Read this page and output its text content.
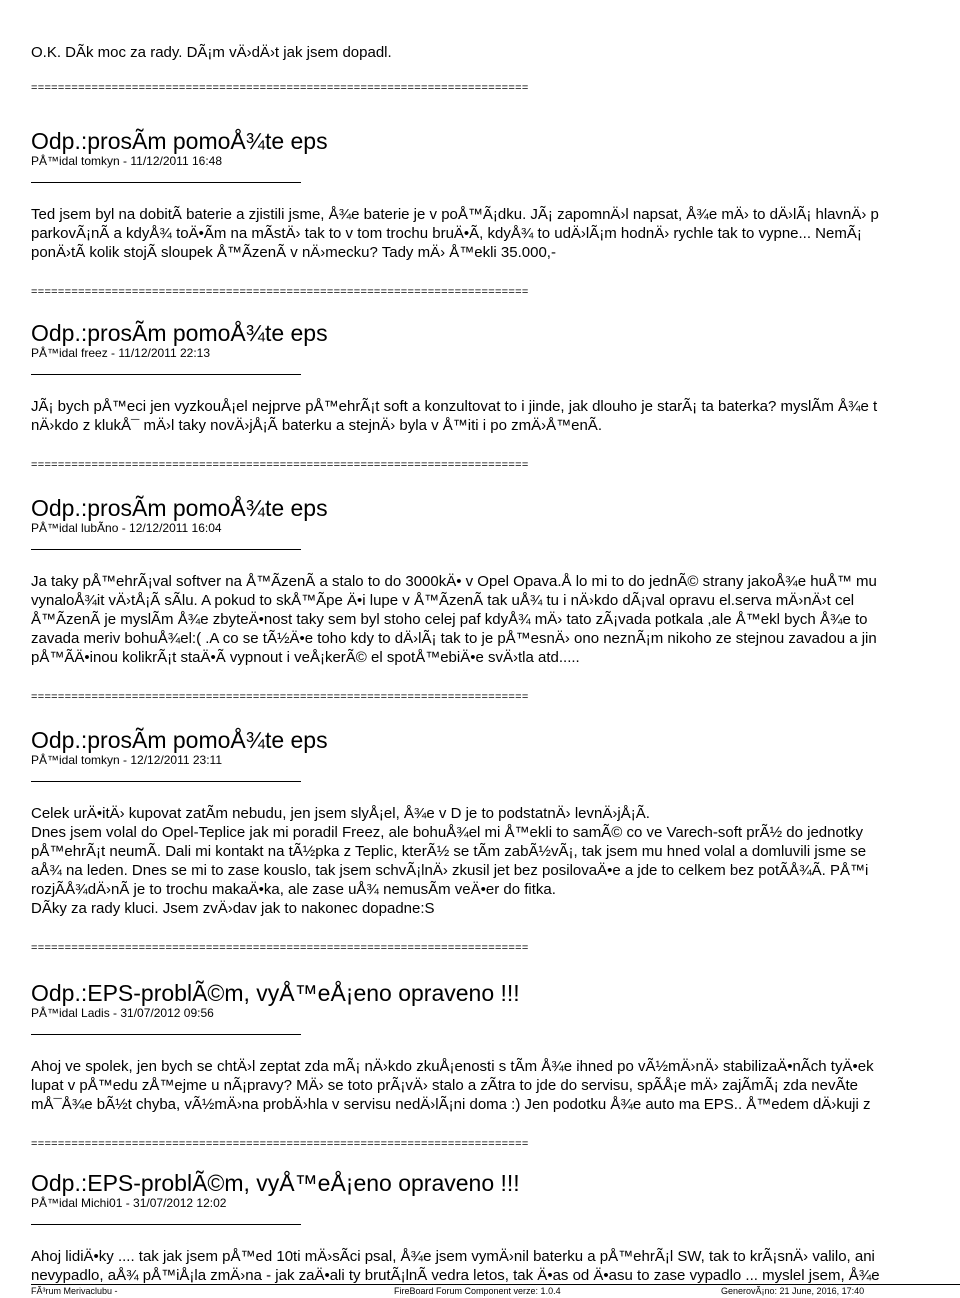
O.K. DÃk moc za rady. DÃ¡m vÄ›dÄ›t jak jsem dopadl.
==========================================================================
Odp.:prosÃm pomoÅ¾te eps
PÅ™idal tomkyn - 11/12/2011 16:48
Ted jsem byl na dobitÃ baterie a zjistili jsme, Å¾e baterie je v poÅ™Ã¡dku. JÃ¡ zapomnÄ›l napsat, Å¾e mÄ› to dÄ›lÃ¡ hlavnÄ› p
parkovÃ¡nÃ a kdyÅ¾ toÄ•Ãm na mÃstÄ› tak to v tom trochu bruÄ•Ã, kdyÅ¾ to udÄ›lÃ¡m hodnÄ› rychle tak to vypne... NemÃ¡
ponÄ›tÃ kolik stojÃ sloupek Å™ÃzenÃ v nÄ›mecku? Tady mÄ› Å™ekli 35.000,-
==========================================================================
Odp.:prosÃm pomoÅ¾te eps
PÅ™idal freez - 11/12/2011 22:13
JÃ¡ bych pÅ™eci jen vyzkouÅ¡el nejprve pÅ™ehrÃ¡t soft a konzultovat to i jinde, jak dlouho je starÃ¡ ta baterka? myslÃm Å¾e t
nÄ›kdo z klukÅ¯ mÄ›l taky novÄ›jÅ¡Ã baterku a stejnÄ› byla v Å™iti i po zmÄ›Å™enÃ.
==========================================================================
Odp.:prosÃm pomoÅ¾te eps
PÅ™idal lubÃno - 12/12/2011 16:04
Ja taky pÅ™ehrÃ¡val softver na Å™ÃzenÃ a stalo to do 3000kÄ• v Opel Opava.Å lo mi to do jednÃ© strany jakoÅ¾e huÅ™ mu
vynaloÅ¾it vÄ›tÅ¡Ã sÃlu. A pokud to skÅ™Ãpe Ä•i lupe v Å™ÃzenÃ tak uÅ¾ tu i nÄ›kdo dÃ¡val opravu el.serva mÄ›nÄ›t cel
Å™ÃzenÃ je myslÃm Å¾e zbyteÄ•nost taky sem byl stoho celej paf kdyÅ¾ mÄ› tato zÃ¡vada potkala ,ale Å™ekl bych Å¾e to
zavada meriv bohuÅ¾el:( .A co se tÃ½Ä•e toho kdy to dÄ›lÃ¡ tak to je pÅ™esnÄ› ono neznÃ¡m nikoho ze stejnou zavadou a jin
pÅ™ÃÄ•inou kolikrÃ¡t staÄ•Ã vypnout i veÅ¡kerÃ© el spotÅ™ebiÄ•e svÄ›tla atd.....
==========================================================================
Odp.:prosÃm pomoÅ¾te eps
PÅ™idal tomkyn - 12/12/2011 23:11
Celek urÄ•itÄ› kupovat zatÃm nebudu, jen jsem slyÅ¡el, Å¾e v D je to podstatnÄ› levnÄ›jÅ¡Ã.
Dnes jsem volal do Opel-Teplice jak mi poradil Freez, ale bohuÅ¾el mi Å™ekli to samÃ© co ve Varech-soft prÃ½ do jednotky
pÅ™ehrÃ¡t neumÃ. Dali mi kontakt na tÃ½pka z Teplic, kterÃ½ se tÃm zabÃ½vÃ¡, tak jsem mu hned volal a domluvili jsme se
aÅ¾ na leden. Dnes se mi to zase kouslo, tak jsem schvÃ¡lnÄ› zkusil jet bez posilovaÄ•e a jde to celkem bez potÃÅ¾Ã. PÅ™i
rozjÃÅ¾dÄ›nÃ je to trochu makaÄ•ka, ale zase uÅ¾ nemusÃm veÄ•er do fitka.
DÃky za rady kluci. Jsem zvÄ›dav jak to nakonec dopadne:S
==========================================================================
Odp.:EPS-problÃ©m, vyÅ™eÅ¡eno opraveno !!!
PÅ™idal Ladis - 31/07/2012 09:56
Ahoj ve spolek, jen bych se chtÄ›l zeptat zda mÃ¡ nÄ›kdo zkuÅ¡enosti s tÃm Å¾e ihned po vÃ½mÄ›nÄ› stabilizaÄ•nÃch tyÄ•ek
lupat v pÅ™edu zÅ™ejme u nÃ¡pravy? MÄ› se toto prÃ¡vÄ› stalo a zÃtra to jde do servisu, spÃÅ¡e mÄ› zajÃmÃ¡ zda nevÃte
mÅ¯Å¾e bÃ½t chyba, vÃ½mÄ›na probÄ›hla v servisu nedÄ›lÃ¡ni doma :) Jen podotku Å¾e auto ma EPS.. Å™edem dÄ›kuji z
==========================================================================
Odp.:EPS-problÃ©m, vyÅ™eÅ¡eno opraveno !!!
PÅ™idal Michi01 - 31/07/2012 12:02
Ahoj lidiÄ•ky .... tak jak jsem pÅ™ed 10ti mÄ›sÃci psal, Å¾e jsem vymÄ›nil baterku a pÅ™ehrÃ¡l SW, tak to krÃ¡snÄ› valilo, ani
nevypadlo, aÅ¾ pÅ™iÅ¡la zmÄ›na - jak zaÄ•ali ty brutÃ¡lnÃ vedra letos, tak Ä•as od Ä•asu to zase vypadlo ... myslel jsem, Å¾e
FÃ³rum Merivaclubu -	FireBoard Forum Component verze: 1.0.4	GenerovÃ¡no: 21 June, 2016, 17:40
